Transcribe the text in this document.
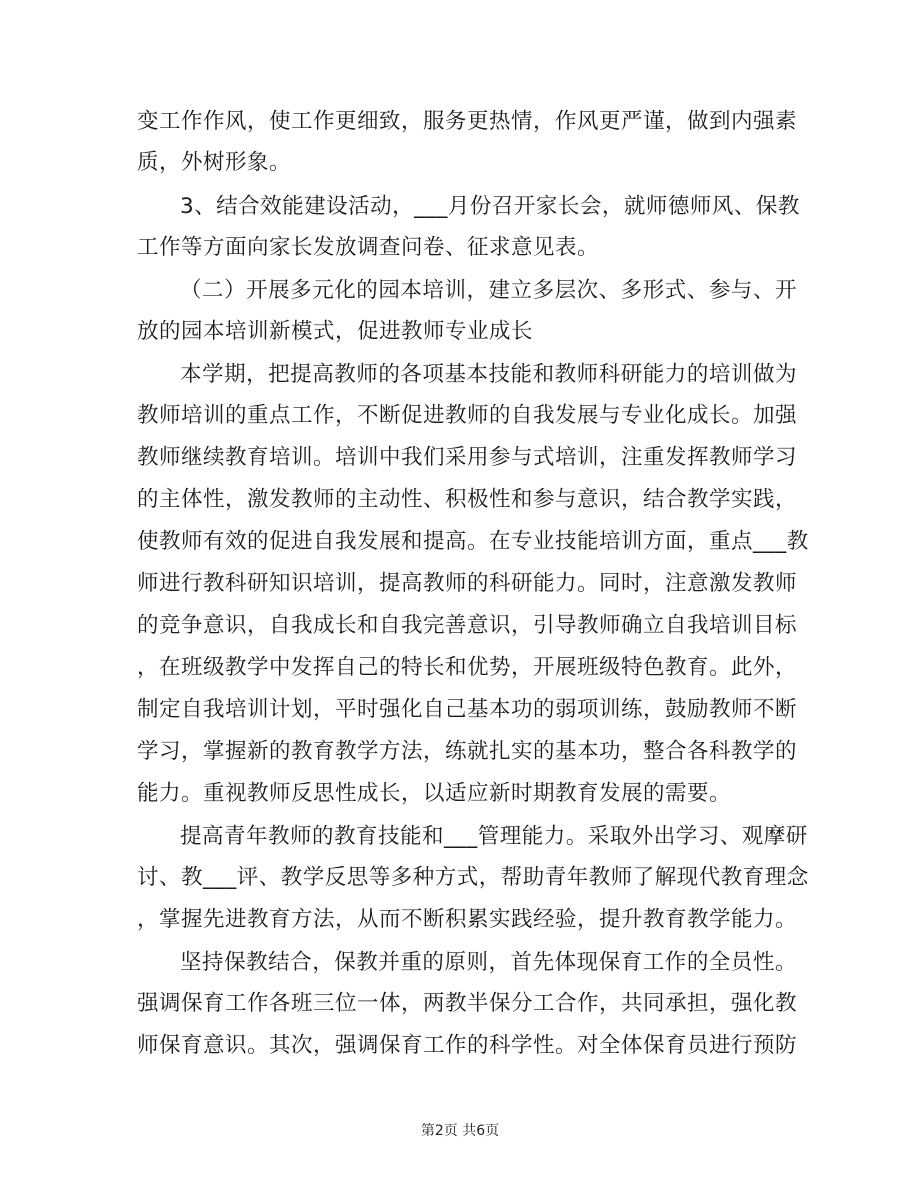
变工作作风，使工作更细致，服务更热情，作风更严谨，做到内强素
质，外树形象。
3、结合效能建设活动，___月份召开家长会，就师德师风、保教
工作等方面向家长发放调查问卷、征求意见表。
（二）开展多元化的园本培训，建立多层次、多形式、参与、开
放的园本培训新模式，促进教师专业成长
本学期，把提高教师的各项基本技能和教师科研能力的培训做为
教师培训的重点工作，不断促进教师的自我发展与专业化成长。加强
教师继续教育培训。培训中我们采用参与式培训，注重发挥教师学习
的主体性，激发教师的主动性、积极性和参与意识，结合教学实践，
使教师有效的促进自我发展和提高。在专业技能培训方面，重点___教
师进行教科研知识培训，提高教师的科研能力。同时，注意激发教师
的竞争意识，自我成长和自我完善意识，引导教师确立自我培训目标
，在班级教学中发挥自己的特长和优势，开展班级特色教育。此外，
制定自我培训计划，平时强化自己基本功的弱项训练，鼓励教师不断
学习，掌握新的教育教学方法，练就扎实的基本功，整合各科教学的
能力。重视教师反思性成长，以适应新时期教育发展的需要。
提高青年教师的教育技能和___管理能力。采取外出学习、观摩研
讨、教___评、教学反思等多种方式，帮助青年教师了解现代教育理念
，掌握先进教育方法，从而不断积累实践经验，提升教育教学能力。
坚持保教结合，保教并重的原则，首先体现保育工作的全员性。
强调保育工作各班三位一体，两教半保分工合作，共同承担，强化教
师保育意识。其次，强调保育工作的科学性。对全体保育员进行预防
第2页 共6页
